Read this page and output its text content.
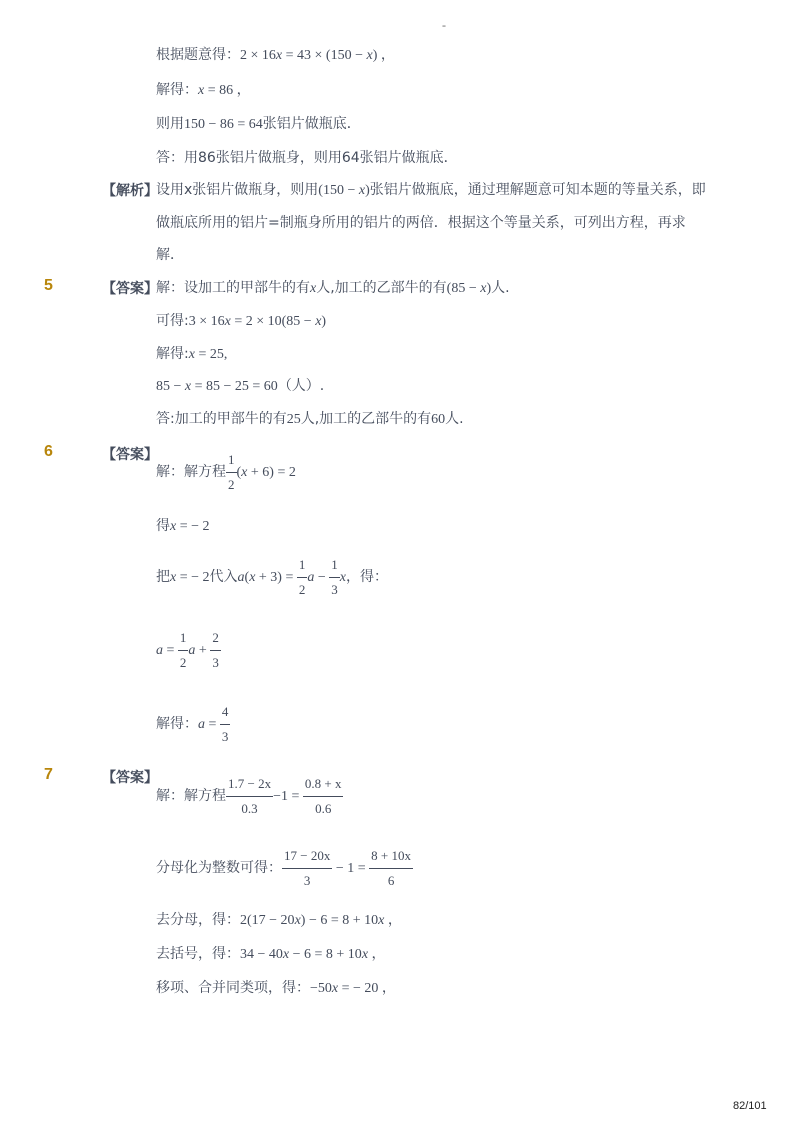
-
根据题意得：2 × 16x = 43 × (150 − x) ，
解得：x = 86 ，
则用150 − 86 = 64张铝片做瓶底．
答：用86张铝片做瓶身，则用64张铝片做瓶底．
【解析】
设用x张铝片做瓶身，则用(150 − x)张铝片做瓶底，通过理解题意可知本题的等量关系，即
做瓶底所用的铝片=制瓶身所用的铝片的两倍．根据这个等量关系，可列出方程，再求
解．
5	【答案】
解：设加工的甲部牛的有x人,加工的乙部牛的有(85 − x)人.
可得:3 × 16x = 2 × 10(85 − x)
解得:x = 25,
85 − x = 85 − 25 = 60（人）.
答:加工的甲部牛的有25人,加工的乙部牛的有60人.
6	【答案】
解：解方程 $\frac{1}{2} (x + 6) = 2$
得x = − 2
把x = − 2代入$a(x + 3) = \frac{1}{2}$ $a - \frac{1}{3}$ x，得：
$a = \frac{1}{2}$ $a + \frac{2}{3}$
解得：$a = \frac{4}{3}$
7	【答案】
解：解方程 $\frac{1.7 - 2x}{0.3} -1 = \frac{0.8 + x}{0.6}$
分母化为整数可得： $\frac{17 - 20x}{3} - 1 = \frac{8 + 10x}{6}$
去分母，得：2(17 − 20x) − 6 = 8 + 10x ，
去括号，得：34 − 40x − 6 = 8 + 10x ，
移项、合并同类项，得：−50x = − 20 ，
82/101
